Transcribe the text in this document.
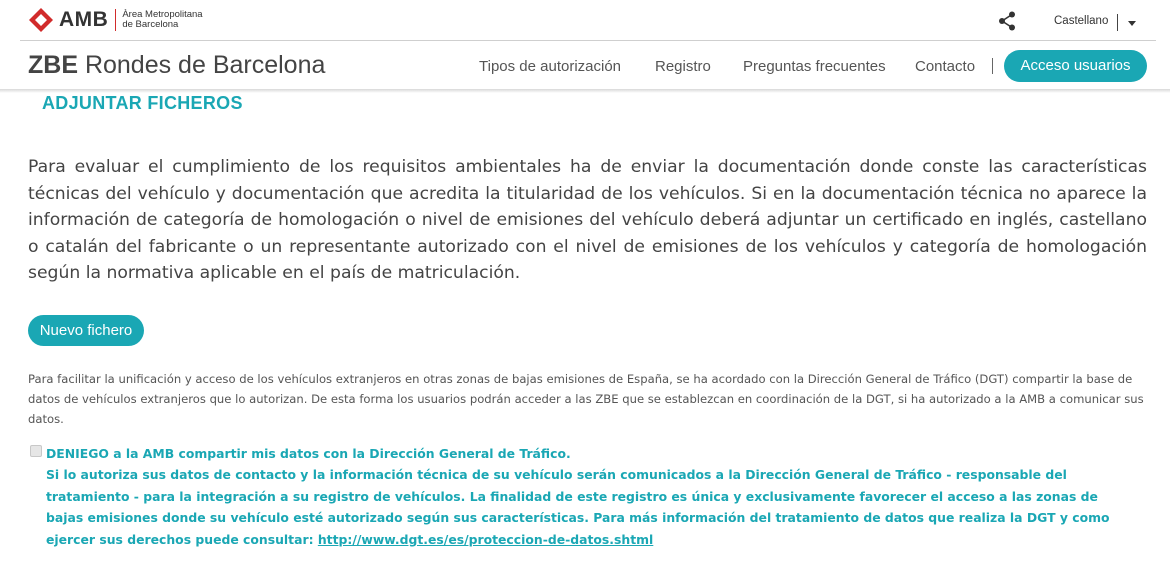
AMB Àrea Metropolitana
de Barcelona	Castellano
ZBE Rondes de Barcelona	Tipos de autorización Registro Preguntas frecuentes Contacto	Acceso usuarios
ADJUNTAR FICHEROS

Para evaluar el cumplimiento de los requisitos ambientales ha de enviar la documentación donde conste las características técnicas del vehículo y documentación que acredita la titularidad de los vehículos. Si en la documentación técnica no aparece la información de categoría de homologación o nivel de emisiones del vehículo deberá adjuntar un certificado en inglés, castellano o catalán del fabricante o un representante autorizado con el nivel de emisiones de los vehículos y categoría de homologación según la normativa aplicable en el país de matriculación.

Nuevo fichero

Para facilitar la unificación y acceso de los vehículos extranjeros en otras zonas de bajas emisiones de España, se ha acordado con la Dirección General de Tráfico (DGT) compartir la base de datos de vehículos extranjeros que lo autorizan. De esta forma los usuarios podrán acceder a las ZBE que se establezcan en coordinación de la DGT, si ha autorizado a la AMB a comunicar sus datos.

DENIEGO a la AMB compartir mis datos con la Dirección General de Tráfico.
Si lo autoriza sus datos de contacto y la información técnica de su vehículo serán comunicados a la Dirección General de Tráfico - responsable del tratamiento - para la integración a su registro de vehículos. La finalidad de este registro es única y exclusivamente favorecer el acceso a las zonas de bajas emisiones donde su vehículo esté autorizado según sus características. Para más información del tratamiento de datos que realiza la DGT y como ejercer sus derechos puede consultar: http://www.dgt.es/es/proteccion-de-datos.shtml
